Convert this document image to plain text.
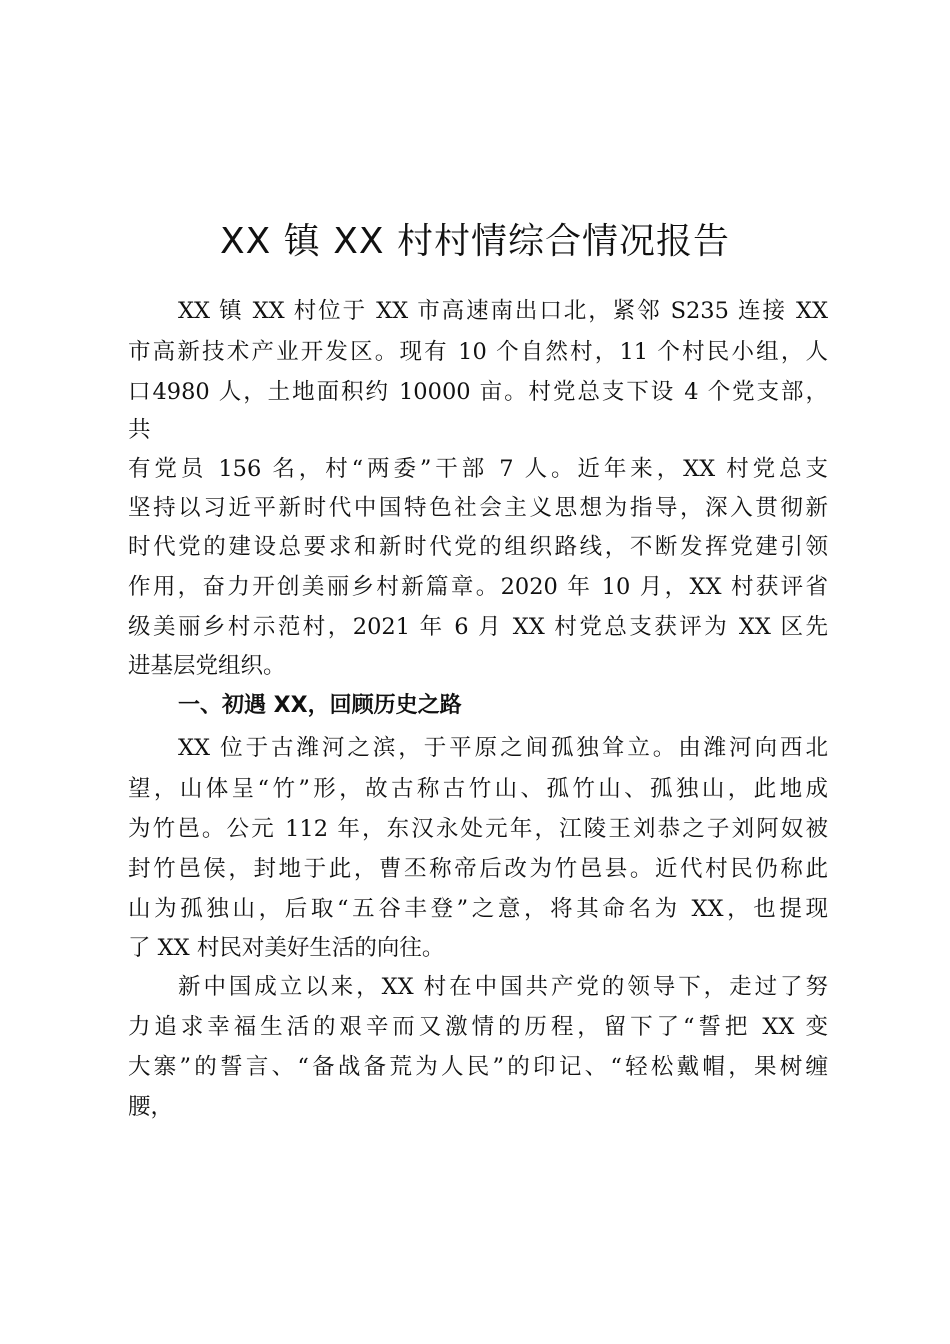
XX 镇 XX 村村情综合情况报告

XX 镇 XX 村位于 XX 市高速南出口北，紧邻 S235 连接 XX

市高新技术产业开发区。现有 10 个自然村，11 个村民小组，人

口4980 人，土地面积约 10000 亩。村党总支下设 4 个党支部，

共

有党员 156 名，村“两委”干部 7 人。近年来，XX 村党总支

坚持以习近平新时代中国特色社会主义思想为指导，深入贯彻新

时代党的建设总要求和新时代党的组织路线，不断发挥党建引领

作用，奋力开创美丽乡村新篇章。2020 年 10 月，XX 村获评省

级美丽乡村示范村，2021 年 6 月 XX 村党总支获评为 XX 区先

进基层党组织。

一、初遇 XX，回顾历史之路

XX 位于古潍河之滨，于平原之间孤独耸立。由潍河向西北

望，山体呈“竹”形，故古称古竹山、孤竹山、孤独山，此地成

为竹邑。公元 112 年，东汉永处元年，江陵王刘恭之子刘阿奴被

封竹邑侯，封地于此，曹丕称帝后改为竹邑县。近代村民仍称此

山为孤独山，后取“五谷丰登”之意，将其命名为 XX，也提现

了 XX 村民对美好生活的向往。

新中国成立以来，XX 村在中国共产党的领导下，走过了努

力追求幸福生活的艰辛而又激情的历程，留下了“誓把 XX 变

大寨”的誓言、“备战备荒为人民”的印记、“轻松戴帽，果树缠

腰，
